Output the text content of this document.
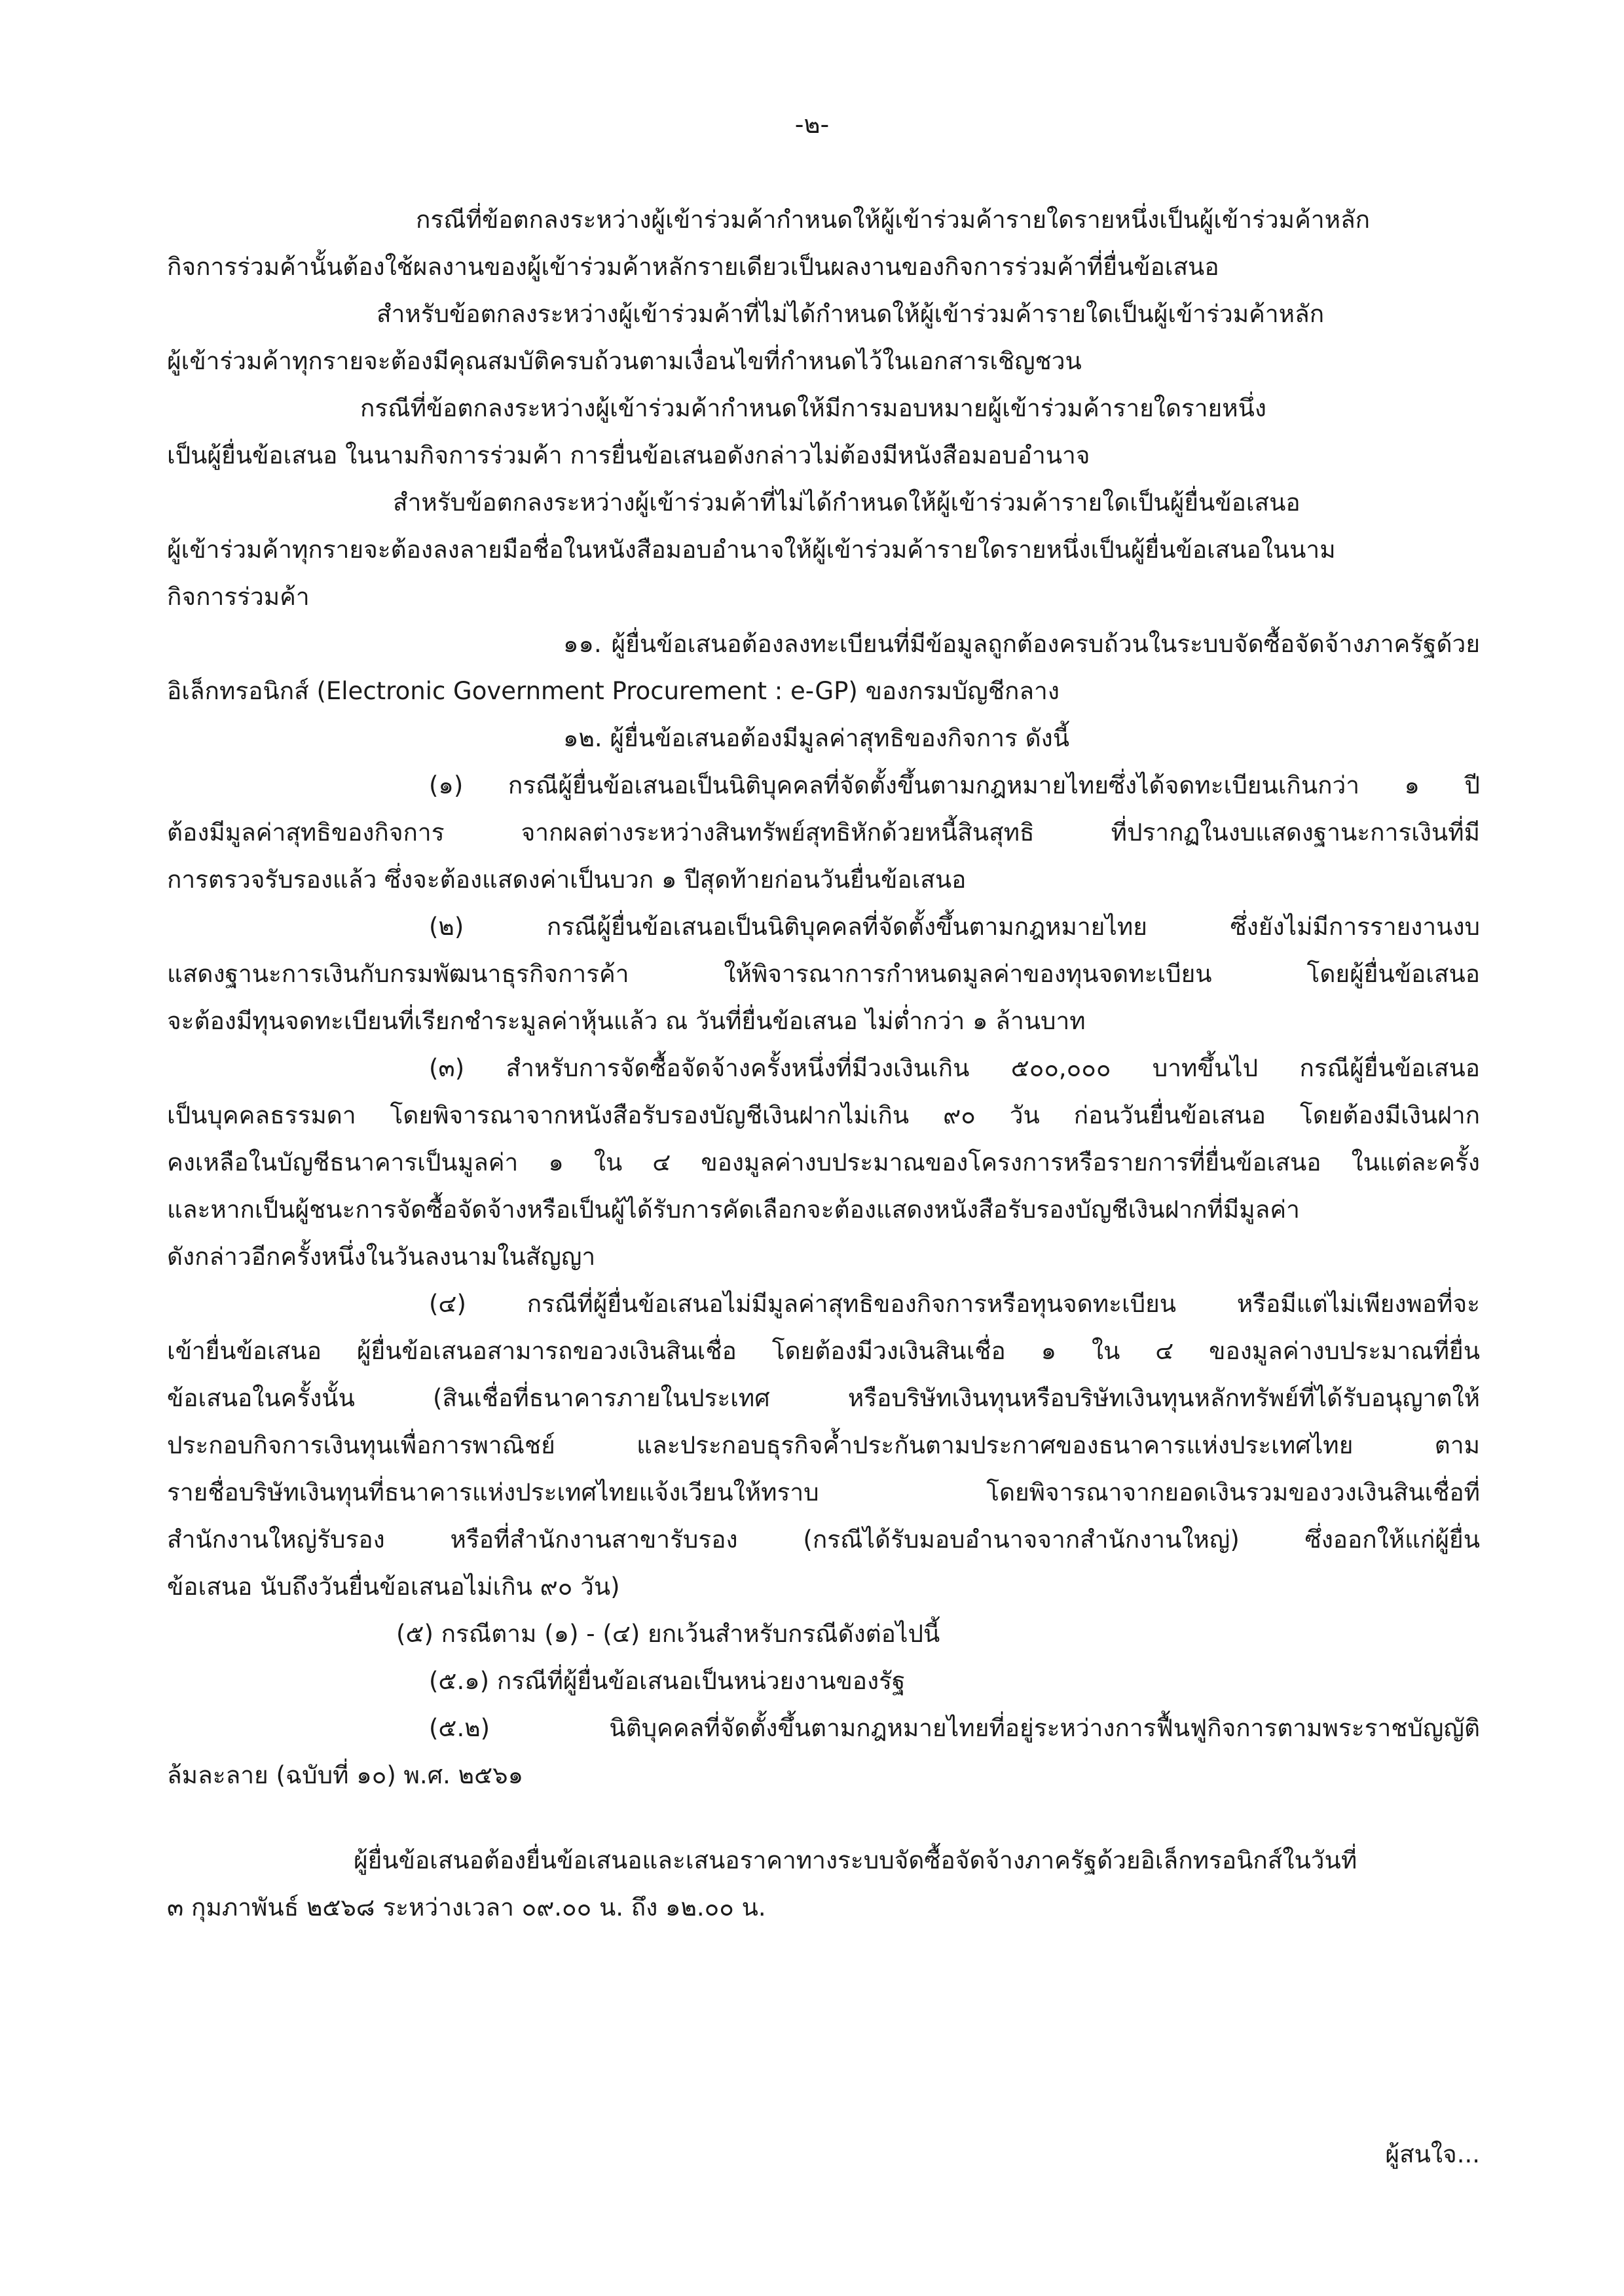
-๒-
กรณีที่ข้อตกลงระหว่างผู้เข้าร่วมค้ากำหนดให้ผู้เข้าร่วมค้ารายใดรายหนึ่งเป็นผู้เข้าร่วมค้าหลัก
กิจการร่วมค้านั้นต้องใช้ผลงานของผู้เข้าร่วมค้าหลักรายเดียวเป็นผลงานของกิจการร่วมค้าที่ยื่นข้อเสนอ
สำหรับข้อตกลงระหว่างผู้เข้าร่วมค้าที่ไม่ได้กำหนดให้ผู้เข้าร่วมค้ารายใดเป็นผู้เข้าร่วมค้าหลัก
ผู้เข้าร่วมค้าทุกรายจะต้องมีคุณสมบัติครบถ้วนตามเงื่อนไขที่กำหนดไว้ในเอกสารเชิญชวน
กรณีที่ข้อตกลงระหว่างผู้เข้าร่วมค้ากำหนดให้มีการมอบหมายผู้เข้าร่วมค้ารายใดรายหนึ่ง
เป็นผู้ยื่นข้อเสนอ ในนามกิจการร่วมค้า การยื่นข้อเสนอดังกล่าวไม่ต้องมีหนังสือมอบอำนาจ
สำหรับข้อตกลงระหว่างผู้เข้าร่วมค้าที่ไม่ได้กำหนดให้ผู้เข้าร่วมค้ารายใดเป็นผู้ยื่นข้อเสนอ
ผู้เข้าร่วมค้าทุกรายจะต้องลงลายมือชื่อในหนังสือมอบอำนาจให้ผู้เข้าร่วมค้ารายใดรายหนึ่งเป็นผู้ยื่นข้อเสนอในนาม
กิจการร่วมค้า
๑๑. ผู้ยื่นข้อเสนอต้องลงทะเบียนที่มีข้อมูลถูกต้องครบถ้วนในระบบจัดซื้อจัดจ้างภาครัฐด้วย
อิเล็กทรอนิกส์ (Electronic Government Procurement : e-GP) ของกรมบัญชีกลาง
๑๒. ผู้ยื่นข้อเสนอต้องมีมูลค่าสุทธิของกิจการ ดังนี้
(๑) กรณีผู้ยื่นข้อเสนอเป็นนิติบุคคลที่จัดตั้งขึ้นตามกฎหมายไทยซึ่งได้จดทะเบียนเกินกว่า ๑ ปี
ต้องมีมูลค่าสุทธิของกิจการ จากผลต่างระหว่างสินทรัพย์สุทธิหักด้วยหนี้สินสุทธิ ที่ปรากฏในงบแสดงฐานะการเงินที่มี
การตรวจรับรองแล้ว ซึ่งจะต้องแสดงค่าเป็นบวก ๑ ปีสุดท้ายก่อนวันยื่นข้อเสนอ
(๒) กรณีผู้ยื่นข้อเสนอเป็นนิติบุคคลที่จัดตั้งขึ้นตามกฎหมายไทย ซึ่งยังไม่มีการรายงานงบ
แสดงฐานะการเงินกับกรมพัฒนาธุรกิจการค้า ให้พิจารณาการกำหนดมูลค่าของทุนจดทะเบียน โดยผู้ยื่นข้อเสนอ
จะต้องมีทุนจดทะเบียนที่เรียกชำระมูลค่าหุ้นแล้ว ณ วันที่ยื่นข้อเสนอ ไม่ต่ำกว่า ๑ ล้านบาท
(๓) สำหรับการจัดซื้อจัดจ้างครั้งหนึ่งที่มีวงเงินเกิน ๕๐๐,๐๐๐ บาทขึ้นไป กรณีผู้ยื่นข้อเสนอ
เป็นบุคคลธรรมดา โดยพิจารณาจากหนังสือรับรองบัญชีเงินฝากไม่เกิน ๙๐ วัน ก่อนวันยื่นข้อเสนอ โดยต้องมีเงินฝาก
คงเหลือในบัญชีธนาคารเป็นมูลค่า ๑ ใน ๔ ของมูลค่างบประมาณของโครงการหรือรายการที่ยื่นข้อเสนอ ในแต่ละครั้ง
และหากเป็นผู้ชนะการจัดซื้อจัดจ้างหรือเป็นผู้ได้รับการคัดเลือกจะต้องแสดงหนังสือรับรองบัญชีเงินฝากที่มีมูลค่า
ดังกล่าวอีกครั้งหนึ่งในวันลงนามในสัญญา
(๔) กรณีที่ผู้ยื่นข้อเสนอไม่มีมูลค่าสุทธิของกิจการหรือทุนจดทะเบียน หรือมีแต่ไม่เพียงพอที่จะ
เข้ายื่นข้อเสนอ ผู้ยื่นข้อเสนอสามารถขอวงเงินสินเชื่อ โดยต้องมีวงเงินสินเชื่อ ๑ ใน ๔ ของมูลค่างบประมาณที่ยื่น
ข้อเสนอในครั้งนั้น (สินเชื่อที่ธนาคารภายในประเทศ หรือบริษัทเงินทุนหรือบริษัทเงินทุนหลักทรัพย์ที่ได้รับอนุญาตให้
ประกอบกิจการเงินทุนเพื่อการพาณิชย์ และประกอบธุรกิจค้ำประกันตามประกาศของธนาคารแห่งประเทศไทย ตาม
รายชื่อบริษัทเงินทุนที่ธนาคารแห่งประเทศไทยแจ้งเวียนให้ทราบ โดยพิจารณาจากยอดเงินรวมของวงเงินสินเชื่อที่
สำนักงานใหญ่รับรอง หรือที่สำนักงานสาขารับรอง (กรณีได้รับมอบอำนาจจากสำนักงานใหญ่) ซึ่งออกให้แก่ผู้ยื่น
ข้อเสนอ นับถึงวันยื่นข้อเสนอไม่เกิน ๙๐ วัน)
(๕) กรณีตาม (๑) - (๔) ยกเว้นสำหรับกรณีดังต่อไปนี้
(๕.๑) กรณีที่ผู้ยื่นข้อเสนอเป็นหน่วยงานของรัฐ
(๕.๒) นิติบุคคลที่จัดตั้งขึ้นตามกฎหมายไทยที่อยู่ระหว่างการฟื้นฟูกิจการตามพระราชบัญญัติ
ล้มละลาย (ฉบับที่ ๑๐) พ.ศ. ๒๕๖๑
ผู้ยื่นข้อเสนอต้องยื่นข้อเสนอและเสนอราคาทางระบบจัดซื้อจัดจ้างภาครัฐด้วยอิเล็กทรอนิกส์ในวันที่
๓ กุมภาพันธ์ ๒๕๖๘ ระหว่างเวลา ๐๙.๐๐ น. ถึง ๑๒.๐๐ น.
ผู้สนใจ...
